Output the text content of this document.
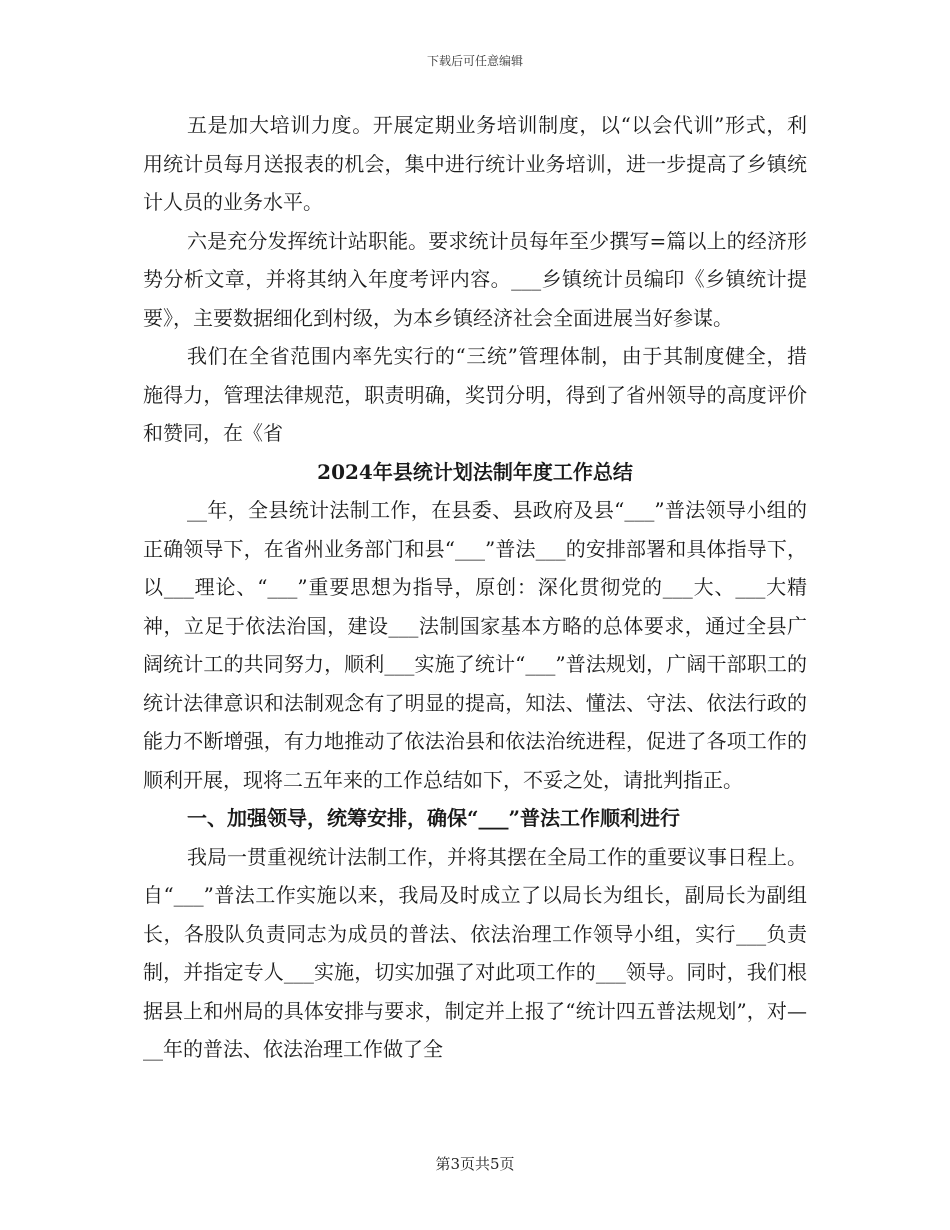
下载后可任意编辑

五是加大培训力度。开展定期业务培训制度，以“以会代训”形式，利用统计员每月送报表的机会，集中进行统计业务培训，进一步提高了乡镇统计人员的业务水平。

六是充分发挥统计站职能。要求统计员每年至少撰写=篇以上的经济形势分析文章，并将其纳入年度考评内容。___乡镇统计员编印《乡镇统计提要》，主要数据细化到村级，为本乡镇经济社会全面进展当好参谋。

我们在全省范围内率先实行的“三统”管理体制，由于其制度健全，措施得力，管理法律规范，职责明确，奖罚分明，得到了省州领导的高度评价和赞同，在《省

2024年县统计划法制年度工作总结

__年，全县统计法制工作，在县委、县政府及县“___”普法领导小组的正确领导下，在省州业务部门和县“___”普法___的安排部署和具体指导下，以___理论、“___”重要思想为指导，原创：深化贯彻党的___大、___大精神，立足于依法治国，建设___法制国家基本方略的总体要求，通过全县广阔统计工的共同努力，顺利___实施了统计“___”普法规划，广阔干部职工的统计法律意识和法制观念有了明显的提高，知法、懂法、守法、依法行政的能力不断增强，有力地推动了依法治县和依法治统进程，促进了各项工作的顺利开展，现将二五年来的工作总结如下，不妥之处，请批判指正。

一、加强领导，统筹安排，确保“___”普法工作顺利进行

我局一贯重视统计法制工作，并将其摆在全局工作的重要议事日程上。自“___”普法工作实施以来，我局及时成立了以局长为组长，副局长为副组长，各股队负责同志为成员的普法、依法治理工作领导小组，实行___负责制，并指定专人___实施，切实加强了对此项工作的___领导。同时，我们根据县上和州局的具体安排与要求，制定并上报了“统计四五普法规划”，对—__年的普法、依法治理工作做了全

第3页共5页
